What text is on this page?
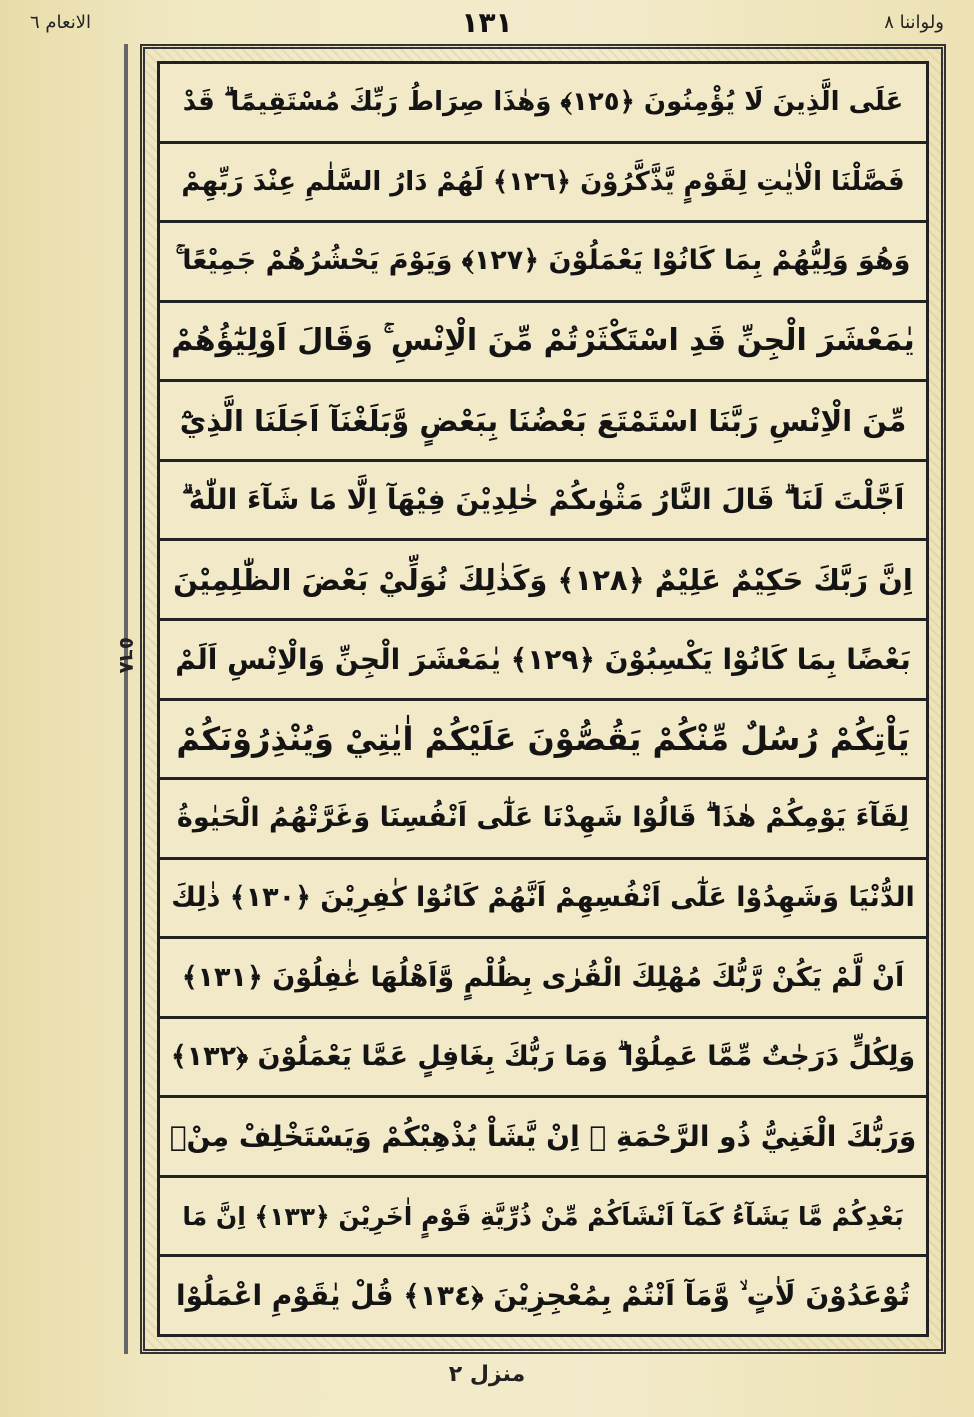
ولواننا ٨
١٣١
الانعام ٦
٥٦٨
عَلَى الَّذِينَ لَا يُؤْمِنُونَ ﴿١٢٥﴾ وَهٰذَا صِرَاطُ رَبِّكَ مُسْتَقِيمًا ۗ قَدْ
فَصَّلْنَا الْاٰيٰتِ لِقَوْمٍ يَّذَّكَّرُوْنَ ﴿١٢٦﴾ لَهُمْ دَارُ السَّلٰمِ عِنْدَ رَبِّهِمْ
وَهُوَ وَلِيُّهُمْ بِمَا كَانُوْا يَعْمَلُوْنَ ﴿١٢٧﴾ وَيَوْمَ يَحْشُرُهُمْ جَمِيْعًا ۚ
يٰمَعْشَرَ الْجِنِّ قَدِ اسْتَكْثَرْتُمْ مِّنَ الْاِنْسِ ۚ وَقَالَ اَوْلِيٰٓؤُهُمْ
مِّنَ الْاِنْسِ رَبَّنَا اسْتَمْتَعَ بَعْضُنَا بِبَعْضٍ وَّبَلَغْنَآ اَجَلَنَا الَّذِيْٓ
اَجَّلْتَ لَنَا ۗ قَالَ النَّارُ مَثْوٰىكُمْ خٰلِدِيْنَ فِيْهَآ اِلَّا مَا شَآءَ اللّٰهُ ۗ
اِنَّ رَبَّكَ حَكِيْمٌ عَلِيْمٌ ﴿١٢٨﴾ وَكَذٰلِكَ نُوَلِّيْ بَعْضَ الظّٰلِمِيْنَ
بَعْضًا بِمَا كَانُوْا يَكْسِبُوْنَ ﴿١٢٩﴾ يٰمَعْشَرَ الْجِنِّ وَالْاِنْسِ اَلَمْ
يَاْتِكُمْ رُسُلٌ مِّنْكُمْ يَقُصُّوْنَ عَلَيْكُمْ اٰيٰتِيْ وَيُنْذِرُوْنَكُمْ
لِقَآءَ يَوْمِكُمْ هٰذَا ۗ قَالُوْا شَهِدْنَا عَلٰٓى اَنْفُسِنَا وَغَرَّتْهُمُ الْحَيٰوةُ
الدُّنْيَا وَشَهِدُوْا عَلٰٓى اَنْفُسِهِمْ اَنَّهُمْ كَانُوْا كٰفِرِيْنَ ﴿١٣٠﴾ ذٰلِكَ
اَنْ لَّمْ يَكُنْ رَّبُّكَ مُهْلِكَ الْقُرٰى بِظُلْمٍ وَّاَهْلُهَا غٰفِلُوْنَ ﴿١٣١﴾
وَلِكُلٍّ دَرَجٰتٌ مِّمَّا عَمِلُوْا ۗ وَمَا رَبُّكَ بِغَافِلٍ عَمَّا يَعْمَلُوْنَ ﴿١٣٢﴾
وَرَبُّكَ الْغَنِيُّ ذُو الرَّحْمَةِ ۗ اِنْ يَّشَاْ يُذْهِبْكُمْ وَيَسْتَخْلِفْ مِنْۢ
بَعْدِكُمْ مَّا يَشَآءُ كَمَآ اَنْشَاَكُمْ مِّنْ ذُرِّيَّةِ قَوْمٍ اٰخَرِيْنَ ﴿١٣٣﴾ اِنَّ مَا
تُوْعَدُوْنَ لَاٰتٍ ۙ وَّمَآ اَنْتُمْ بِمُعْجِزِيْنَ ﴿١٣٤﴾ قُلْ يٰقَوْمِ اعْمَلُوْا
منزل ٢
